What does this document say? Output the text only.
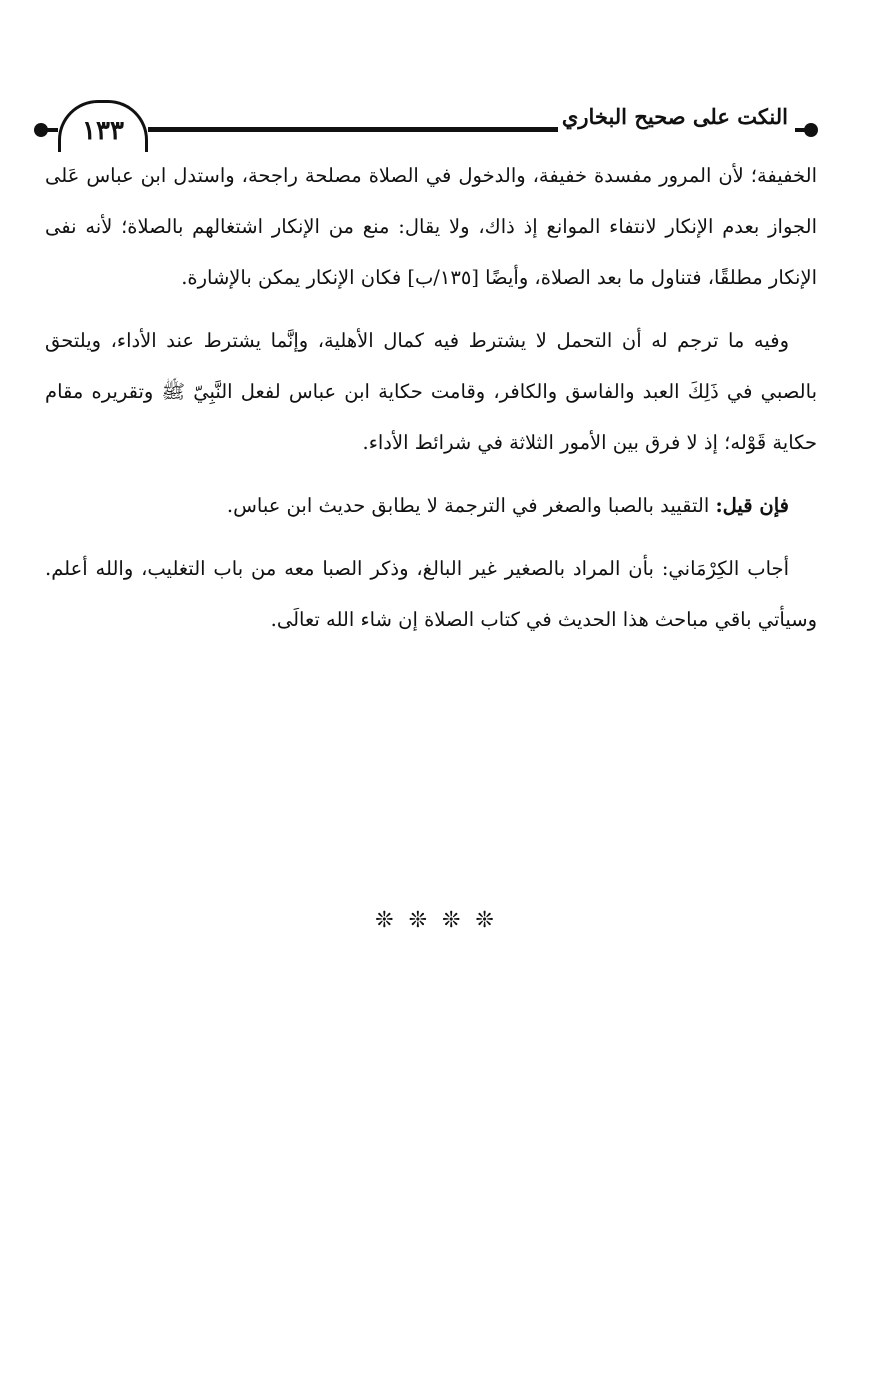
النكت على صحيح البخاري
١٣٣

الخفيفة؛ لأن المرور مفسدة خفيفة، والدخول في الصلاة مصلحة راجحة، واستدل ابن عباس عَلى الجواز بعدم الإنكار لانتفاء الموانع إذ ذاك، ولا يقال: منع من الإنكار اشتغالهم بالصلاة؛ لأنه نفى الإنكار مطلقًا، فتناول ما بعد الصلاة، وأيضًا [١٣٥/ب] فكان الإنكار يمكن بالإشارة.

وفيه ما ترجم له أن التحمل لا يشترط فيه كمال الأهلية، وإنَّما يشترط عند الأداء، ويلتحق بالصبي في ذَلِكَ العبد والفاسق والكافر، وقامت حكاية ابن عباس لفعل النَّبِيّ ﷺ وتقريره مقام حكاية قَوْله؛ إذ لا فرق بين الأمور الثلاثة في شرائط الأداء.

فإن قيل: التقييد بالصبا والصغر في الترجمة لا يطابق حديث ابن عباس.

أجاب الكِرْمَاني: بأن المراد بالصغير غير البالغ، وذكر الصبا معه من باب التغليب، والله أعلم. وسيأتي باقي مباحث هذا الحديث في كتاب الصلاة إن شاء الله تعالَى.

❊ ❊ ❊ ❊
